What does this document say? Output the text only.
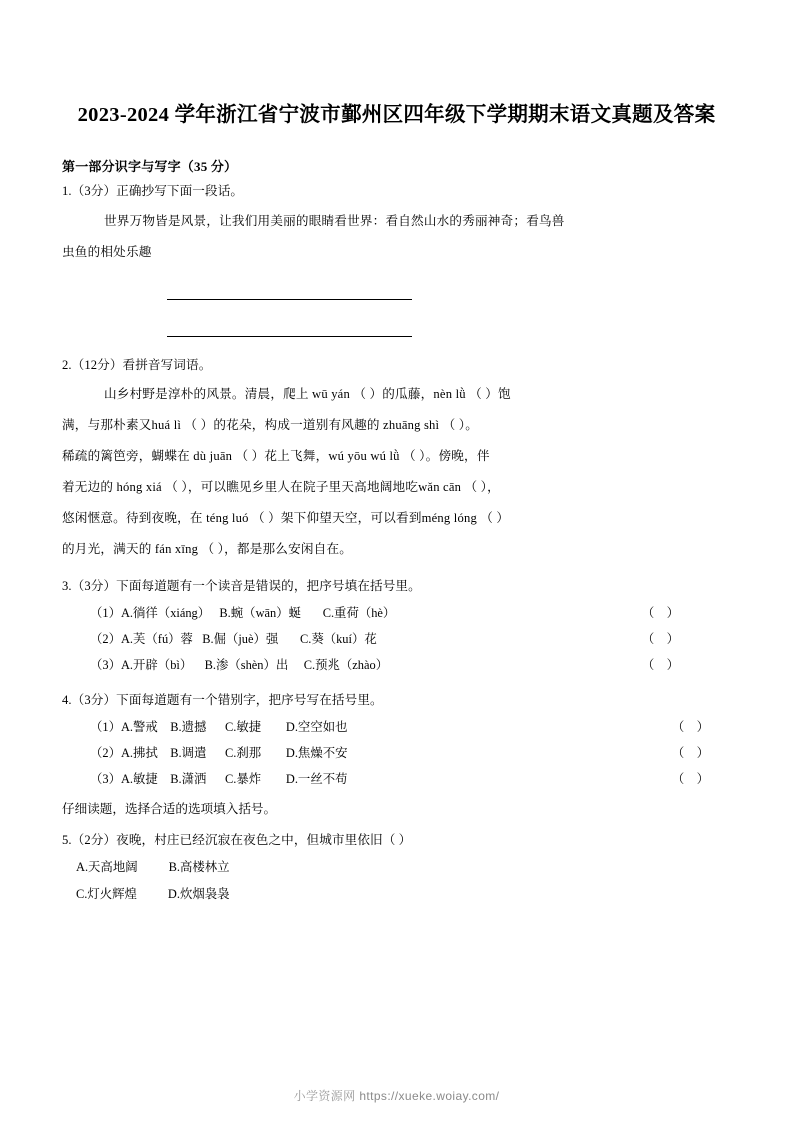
2023-2024 学年浙江省宁波市鄞州区四年级下学期期末语文真题及答案
第一部分识字与写字（35 分）

1.（3分）正确抄写下面一段话。

世界万物皆是风景，让我们用美丽的眼睛看世界：看自然山水的秀丽神奇；看鸟兽

虫鱼的相处乐趣

2.（12分）看拼音写词语。

山乡村野是淳朴的风景。清晨，爬上 wū yán （ ）的瓜藤，nèn lǜ （ ）饱

满，与那朴素又huá lì （ ）的花朵，构成一道别有风趣的 zhuāng shì （ ）。

稀疏的篱笆旁，蝴蝶在 dù juān （ ）花上飞舞，wú yōu wú lǜ （ ）。傍晚，伴

着无边的 hóng xiá （ ），可以瞧见乡里人在院子里天高地阔地吃wǎn cān （ ），

悠闲惬意。待到夜晚，在 téng luó （ ）架下仰望天空，可以看到méng lóng （ ）

的月光，满天的 fán xīng （ ），都是那么安闲自在。

3.（3分）下面每道题有一个读音是错误的，把序号填在括号里。

（1）A.徜徉（xiáng） B.蜿（wān）蜒 C.重荷（hè）	（    ）

（2）A.芙（fú）蓉 B.倔（juè）强 C.葵（kuí）花	（    ）

（3）A.开辟（bì） B.渗（shèn）出 C.预兆（zhào）	（    ）

4.（3分）下面每道题有一个错别字，把序号写在括号里。

（1）A.警戒 B.遗撼 C.敏捷 D.空空如也	（    ）

（2）A.拂拭 B.调遣 C.刹那 D.焦燥不安	（    ）

（3）A.敏捷 B.潇洒 C.暴炸 D.一丝不苟	（    ）

仔细读题，选择合适的选项填入括号。

5.（2分）夜晚，村庄已经沉寂在夜色之中，但城市里依旧（ ）

A.天高地阔 B.高楼林立

C.灯火辉煌 D.炊烟袅袅

小学资源网 https://xueke.woiay.com/
